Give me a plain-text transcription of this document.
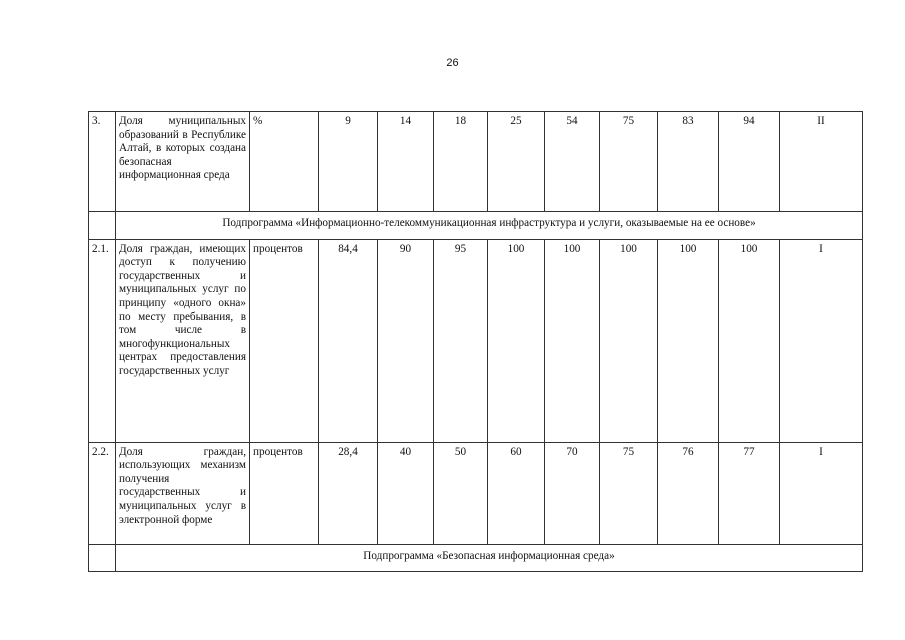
26
3.	Доля муниципальных образований в Республике Алтай, в которых создана безопасная информационная среда	%	9	14	18	25	54	75	83	94	II
	Подпрограмма «Информационно-телекоммуникационная инфраструктура и услуги, оказываемые на ее основе»										
2.1.	Доля граждан, имеющих доступ к получению государственных и муниципальных услуг по принципу «одного окна» по месту пребывания, в том числе в многофункциональных центрах предоставления государственных услуг	процентов	84,4	90	95	100	100	100	100	100	I
2.2.	Доля граждан, использующих механизм получения государственных и муниципальных услуг в электронной форме	процентов	28,4	40	50	60	70	75	76	77	I
	Подпрограмма «Безопасная информационная среда»										
